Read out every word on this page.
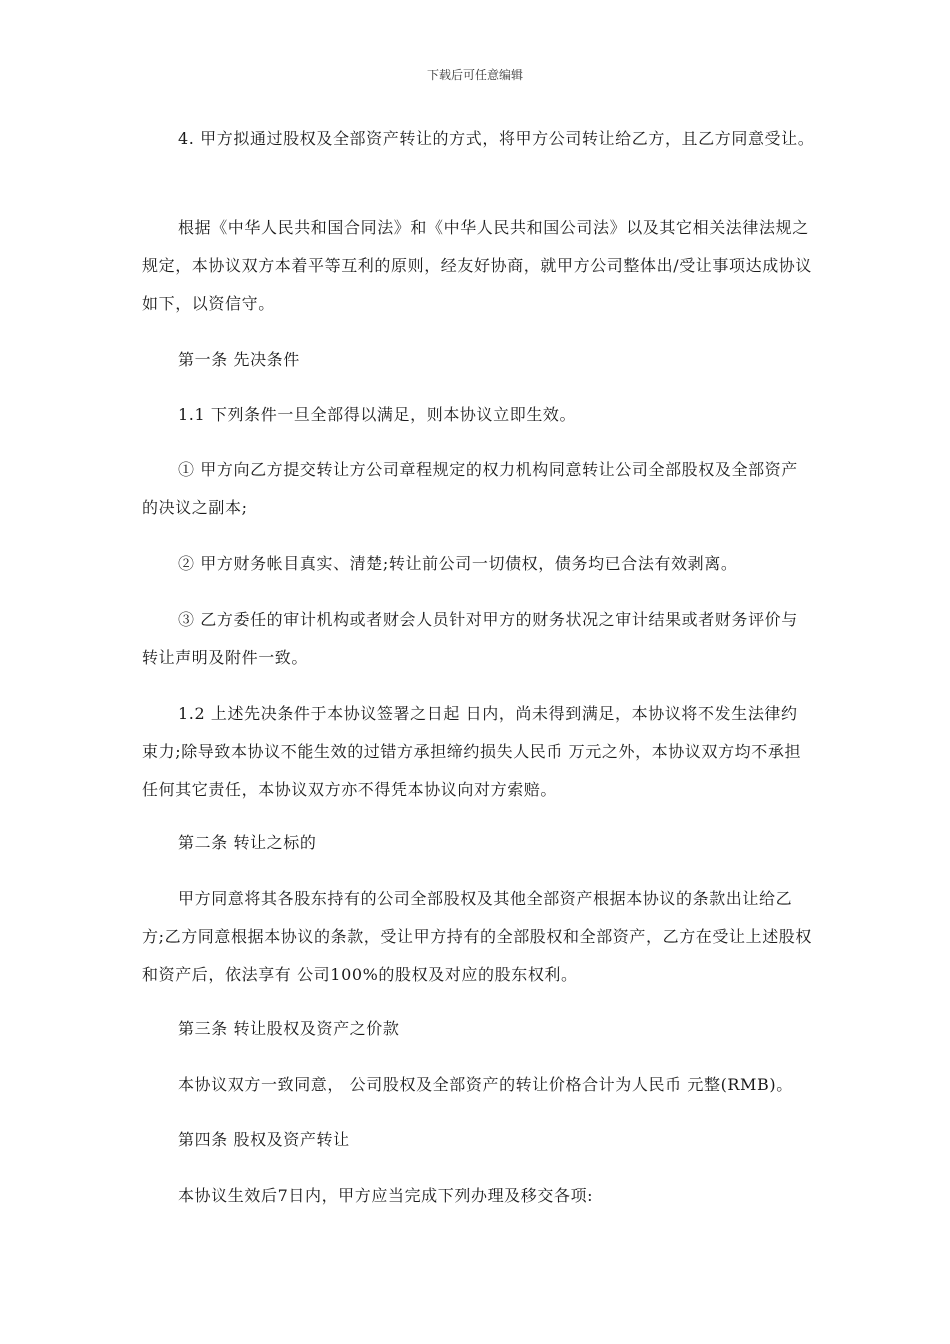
下载后可任意编辑

4. 甲方拟通过股权及全部资产转让的方式，将甲方公司转让给乙方，且乙方同意受让。

根据《中华人民共和国合同法》和《中华人民共和国公司法》以及其它相关法律法规之规定，本协议双方本着平等互利的原则，经友好协商，就甲方公司整体出/受让事项达成协议如下，以资信守。

第一条 先决条件

1.1 下列条件一旦全部得以满足，则本协议立即生效。

① 甲方向乙方提交转让方公司章程规定的权力机构同意转让公司全部股权及全部资产的决议之副本;

② 甲方财务帐目真实、清楚;转让前公司一切债权，债务均已合法有效剥离。

③ 乙方委任的审计机构或者财会人员针对甲方的财务状况之审计结果或者财务评价与转让声明及附件一致。

1.2 上述先决条件于本协议签署之日起 日内，尚未得到满足，本协议将不发生法律约束力;除导致本协议不能生效的过错方承担缔约损失人民币 万元之外，本协议双方均不承担任何其它责任，本协议双方亦不得凭本协议向对方索赔。

第二条 转让之标的

甲方同意将其各股东持有的公司全部股权及其他全部资产根据本协议的条款出让给乙方;乙方同意根据本协议的条款，受让甲方持有的全部股权和全部资产，乙方在受让上述股权和资产后，依法享有 公司100%的股权及对应的股东权利。

第三条 转让股权及资产之价款

本协议双方一致同意， 公司股权及全部资产的转让价格合计为人民币 元整(RMB)。

第四条 股权及资产转让

本协议生效后7日内，甲方应当完成下列办理及移交各项:
